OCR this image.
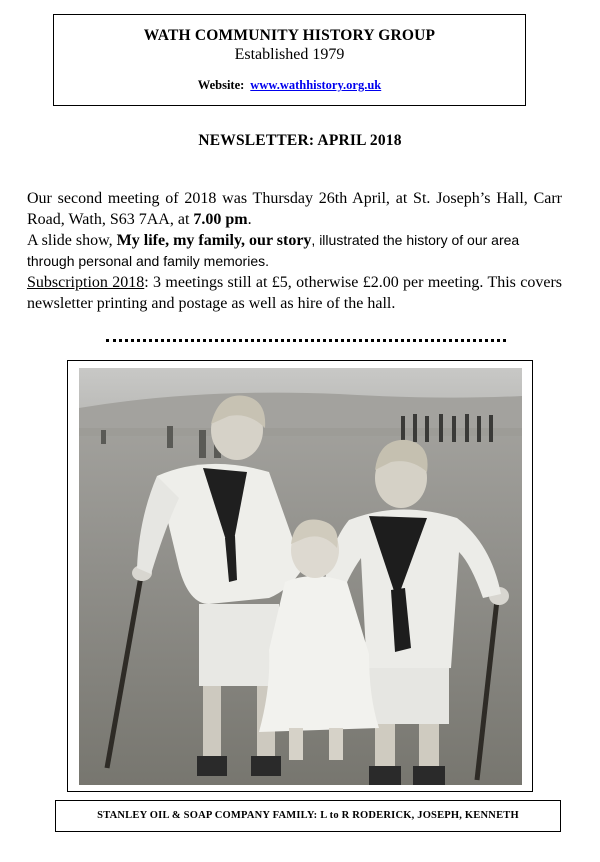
WATH COMMUNITY HISTORY GROUP
Established 1979
Website: www.wathhistory.org.uk
NEWSLETTER: APRIL 2018
Our second meeting of 2018 was Thursday 26th April, at St. Joseph’s Hall, Carr Road, Wath, S63 7AA, at 7.00 pm.
A slide show, My life, my family, our story, illustrated the history of our area through personal and family memories.
Subscription 2018: 3 meetings still at £5, otherwise £2.00 per meeting. This covers newsletter printing and postage as well as hire of the hall.
STANLEY OIL & SOAP COMPANY FAMILY: L to R RODERICK, JOSEPH, KENNETH
